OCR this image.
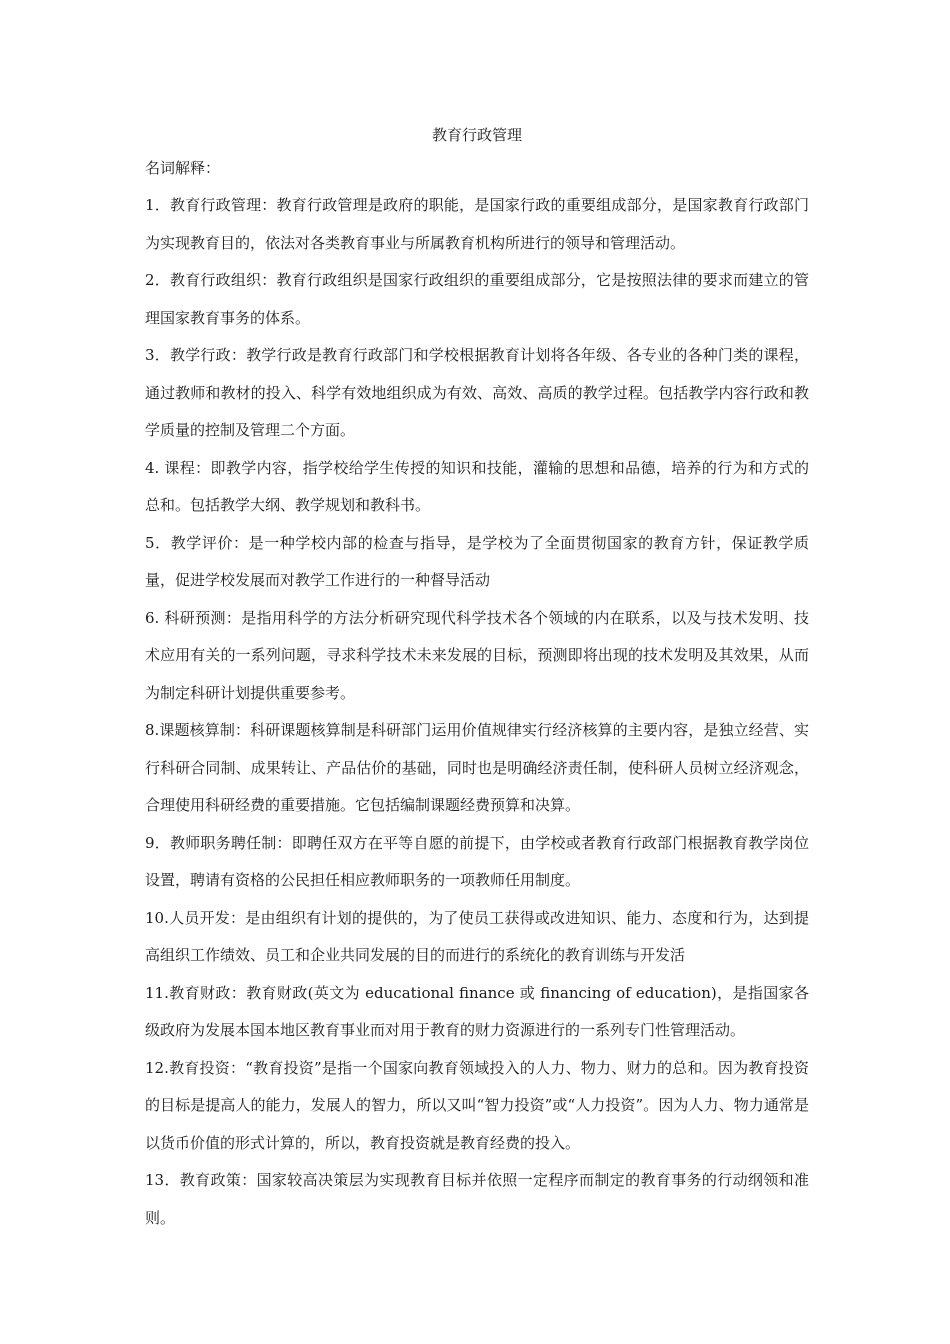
教育行政管理
名词解释：

1．教育行政管理：教育行政管理是政府的职能，是国家行政的重要组成部分，是国家教育行政部门为实现教育目的，依法对各类教育事业与所属教育机构所进行的领导和管理活动。

2．教育行政组织：教育行政组织是国家行政组织的重要组成部分，它是按照法律的要求而建立的管理国家教育事务的体系。

3．教学行政：教学行政是教育行政部门和学校根据教育计划将各年级、各专业的各种门类的课程，通过教师和教材的投入、科学有效地组织成为有效、高效、高质的教学过程。包括教学内容行政和教学质量的控制及管理二个方面。

4. 课程：即教学内容，指学校给学生传授的知识和技能，灌输的思想和品德，培养的行为和方式的总和。包括教学大纲、教学规划和教科书。

5．教学评价：是一种学校内部的检查与指导，是学校为了全面贯彻国家的教育方针，保证教学质量，促进学校发展而对教学工作进行的一种督导活动

6. 科研预测：是指用科学的方法分析研究现代科学技术各个领域的内在联系，以及与技术发明、技术应用有关的一系列问题，寻求科学技术未来发展的目标，预测即将出现的技术发明及其效果，从而为制定科研计划提供重要参考。

8.课题核算制：科研课题核算制是科研部门运用价值规律实行经济核算的主要内容，是独立经营、实行科研合同制、成果转让、产品估价的基础，同时也是明确经济责任制，使科研人员树立经济观念，合理使用科研经费的重要措施。它包括编制课题经费预算和决算。

9．教师职务聘任制：即聘任双方在平等自愿的前提下，由学校或者教育行政部门根据教育教学岗位设置，聘请有资格的公民担任相应教师职务的一项教师任用制度。

10.人员开发：是由组织有计划的提供的，为了使员工获得或改进知识、能力、态度和行为，达到提高组织工作绩效、员工和企业共同发展的目的而进行的系统化的教育训练与开发活

11.教育财政：教育财政(英文为 educational finance 或 financing of education)，是指国家各级政府为发展本国本地区教育事业而对用于教育的财力资源进行的一系列专门性管理活动。

12.教育投资：“教育投资”是指一个国家向教育领域投入的人力、物力、财力的总和。因为教育投资的目标是提高人的能力，发展人的智力，所以又叫“智力投资”或“人力投资”。因为人力、物力通常是以货币价值的形式计算的，所以，教育投资就是教育经费的投入。

13．教育政策：国家较高决策层为实现教育目标并依照一定程序而制定的教育事务的行动纲领和准则。
